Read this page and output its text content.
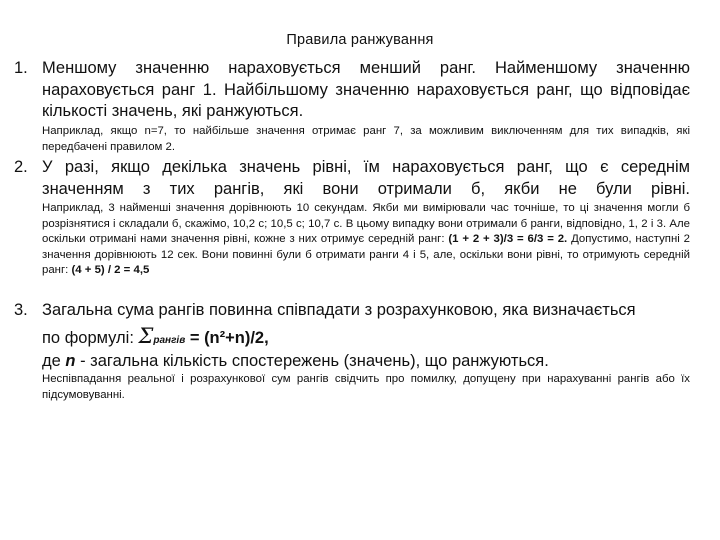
Правила ранжування
1. Меншому значенню нараховується менший ранг. Найменшому значенню нараховується ранг 1. Найбільшому значенню нараховується ранг, що відповідає кількості значень, які ранжуються.
Наприклад, якщо n=7, то найбільше значення отримає ранг 7, за можливим виключенням для тих випадків, які передбачені правилом 2.
2. У разі, якщо декілька значень рівні, їм нараховується ранг, що є середнім значенням з тих рангів, які вони отримали б, якби не були рівні.
Наприклад, 3 найменші значення дорівнюють 10 секундам. Якби ми вимірювали час точніше, то ці значення могли б розрізнятися і складали б, скажімо, 10,2 с; 10,5 с; 10,7 с. В цьому випадку вони отримали б ранги, відповідно, 1, 2 і 3. Але оскільки отримані нами значення рівні, кожне з них отримує середній ранг: (1 + 2 + 3)/3 = 6/3 = 2. Допустимо, наступні 2 значення дорівнюють 12 сек. Вони повинні були б отримати ранги 4 і 5, але, оскільки вони рівні, то отримують середній ранг: (4 + 5) / 2 = 4,5
3. Загальна сума рангів повинна співпадати з розрахунковою, яка визначається
по формулі: Σрангів = (n²+n)/2,
де n - загальна кількість спостережень (значень), що ранжуються.
Неспівпадання реальної і розрахункової сум рангів свідчить про помилку, допущену при нарахуванні рангів або їх підсумовуванні.
